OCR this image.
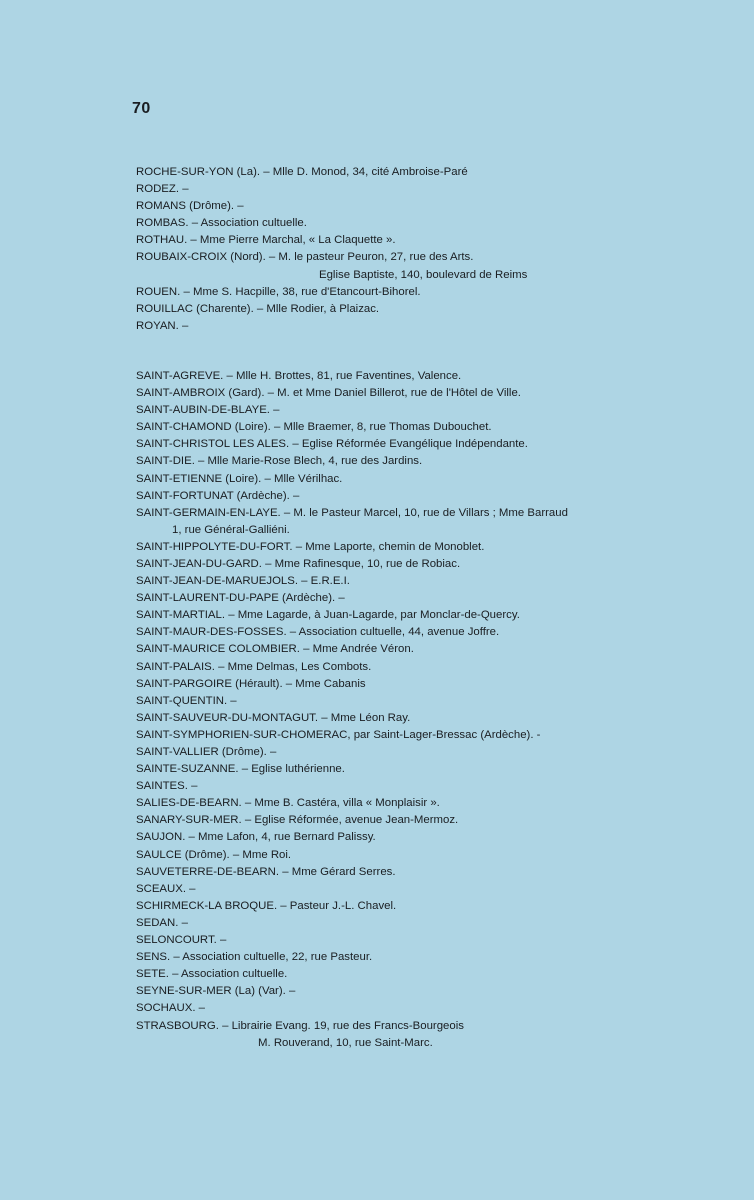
70
ROCHE-SUR-YON (La). – Mlle D. Monod, 34, cité Ambroise-Paré
RODEZ. –
ROMANS (Drôme). –
ROMBAS. – Association cultuelle.
ROTHAU. – Mme Pierre Marchal, « La Claquette ».
ROUBAIX-CROIX (Nord). – M. le pasteur Peuron, 27, rue des Arts.
Eglise Baptiste, 140, boulevard de Reims
ROUEN. – Mme S. Hacpille, 38, rue d'Etancourt-Bihorel.
ROUILLAC (Charente). – Mlle Rodier, à Plaizac.
ROYAN. –
SAINT-AGREVE. – Mlle H. Brottes, 81, rue Faventines, Valence.
SAINT-AMBROIX (Gard). – M. et Mme Daniel Billerot, rue de l'Hôtel de Ville.
SAINT-AUBIN-DE-BLAYE. –
SAINT-CHAMOND (Loire). – Mlle Braemer, 8, rue Thomas Dubouchet.
SAINT-CHRISTOL LES ALES. – Eglise Réformée Evangélique Indépendante.
SAINT-DIE. – Mlle Marie-Rose Blech, 4, rue des Jardins.
SAINT-ETIENNE (Loire). – Mlle Vérilhac.
SAINT-FORTUNAT (Ardèche). –
SAINT-GERMAIN-EN-LAYE. – M. le Pasteur Marcel, 10, rue de Villars ; Mme Barraud
1, rue Général-Galliéni.
SAINT-HIPPOLYTE-DU-FORT. – Mme Laporte, chemin de Monoblet.
SAINT-JEAN-DU-GARD. – Mme Rafinesque, 10, rue de Robiac.
SAINT-JEAN-DE-MARUEJOLS. – E.R.E.I.
SAINT-LAURENT-DU-PAPE (Ardèche). –
SAINT-MARTIAL. – Mme Lagarde, à Juan-Lagarde, par Monclar-de-Quercy.
SAINT-MAUR-DES-FOSSES. – Association cultuelle, 44, avenue Joffre.
SAINT-MAURICE COLOMBIER. – Mme Andrée Véron.
SAINT-PALAIS. – Mme Delmas, Les Combots.
SAINT-PARGOIRE (Hérault). – Mme Cabanis
SAINT-QUENTIN. –
SAINT-SAUVEUR-DU-MONTAGUT. – Mme Léon Ray.
SAINT-SYMPHORIEN-SUR-CHOMERAC, par Saint-Lager-Bressac (Ardèche). -
SAINT-VALLIER (Drôme). –
SAINTE-SUZANNE. – Eglise luthérienne.
SAINTES. –
SALIES-DE-BEARN. – Mme B. Castéra, villa « Monplaisir ».
SANARY-SUR-MER. – Eglise Réformée, avenue Jean-Mermoz.
SAUJON. – Mme Lafon, 4, rue Bernard Palissy.
SAULCE (Drôme). – Mme Roi.
SAUVETERRE-DE-BEARN. – Mme Gérard Serres.
SCEAUX. –
SCHIRMECK-LA BROQUE. – Pasteur J.-L. Chavel.
SEDAN. –
SELONCOURT. –
SENS. – Association cultuelle, 22, rue Pasteur.
SETE. – Association cultuelle.
SEYNE-SUR-MER (La) (Var). –
SOCHAUX. –
STRASBOURG. – Librairie Evang. 19, rue des Francs-Bourgeois
M. Rouverand, 10, rue Saint-Marc.
